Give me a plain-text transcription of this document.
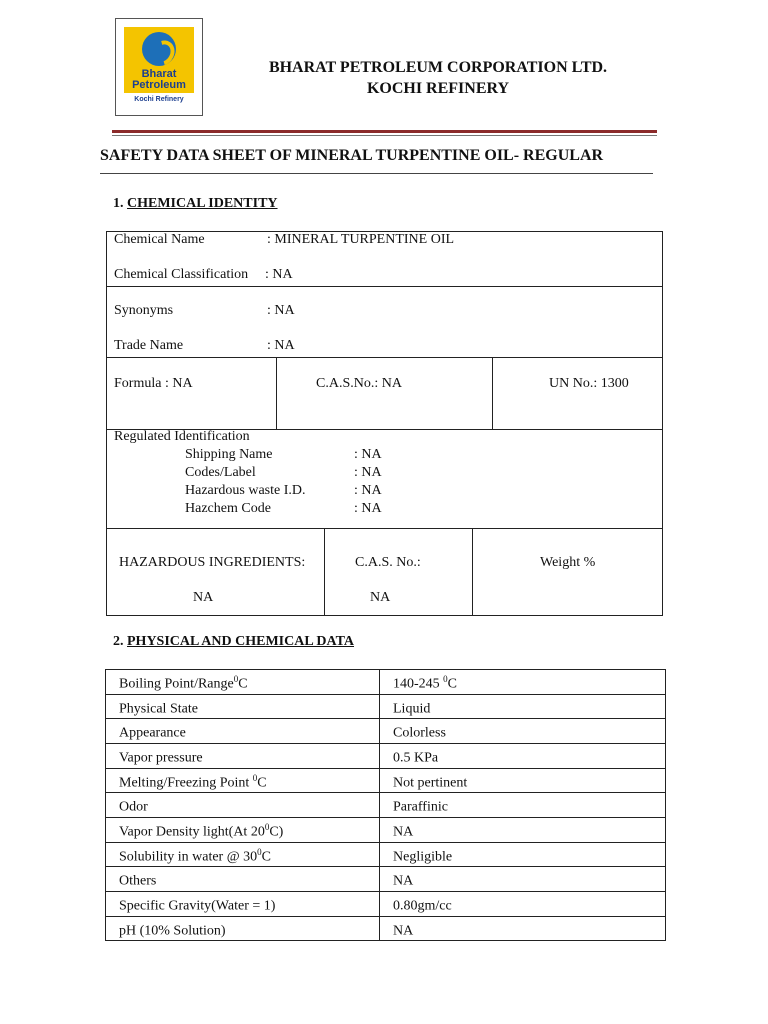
Bharat
Petroleum
Kochi Refinery
BHARAT PETROLEUM CORPORATION LTD.
KOCHI REFINERY
SAFETY DATA SHEET OF MINERAL TURPENTINE OIL- REGULAR
1. CHEMICAL IDENTITY
Chemical Name	: MINERAL TURPENTINE OIL
Chemical Classification : NA
Synonyms	: NA
Trade Name	: NA
Formula : NA	C.A.S.No.: NA	UN No.: 1300
Regulated Identification
Shipping Name	: NA
Codes/Label	: NA
Hazardous waste I.D.	: NA
Hazchem Code	: NA
HAZARDOUS INGREDIENTS:	C.A.S. No.:	Weight %
NA	NA
2. PHYSICAL AND CHEMICAL DATA
Boiling Point/Range$^0$C	140-245 $^0$C
Physical State	Liquid
Appearance	Colorless
Vapor pressure	0.5 KPa
Melting/Freezing Point $^0$C	Not pertinent
Odor	Paraffinic
Vapor Density light(At $20^0C$)	NA
Solubility in water @ $30^0C$	Negligible
Others	NA
Specific Gravity(Water = 1)	0.80gm/cc
pH (10% Solution)	NA
